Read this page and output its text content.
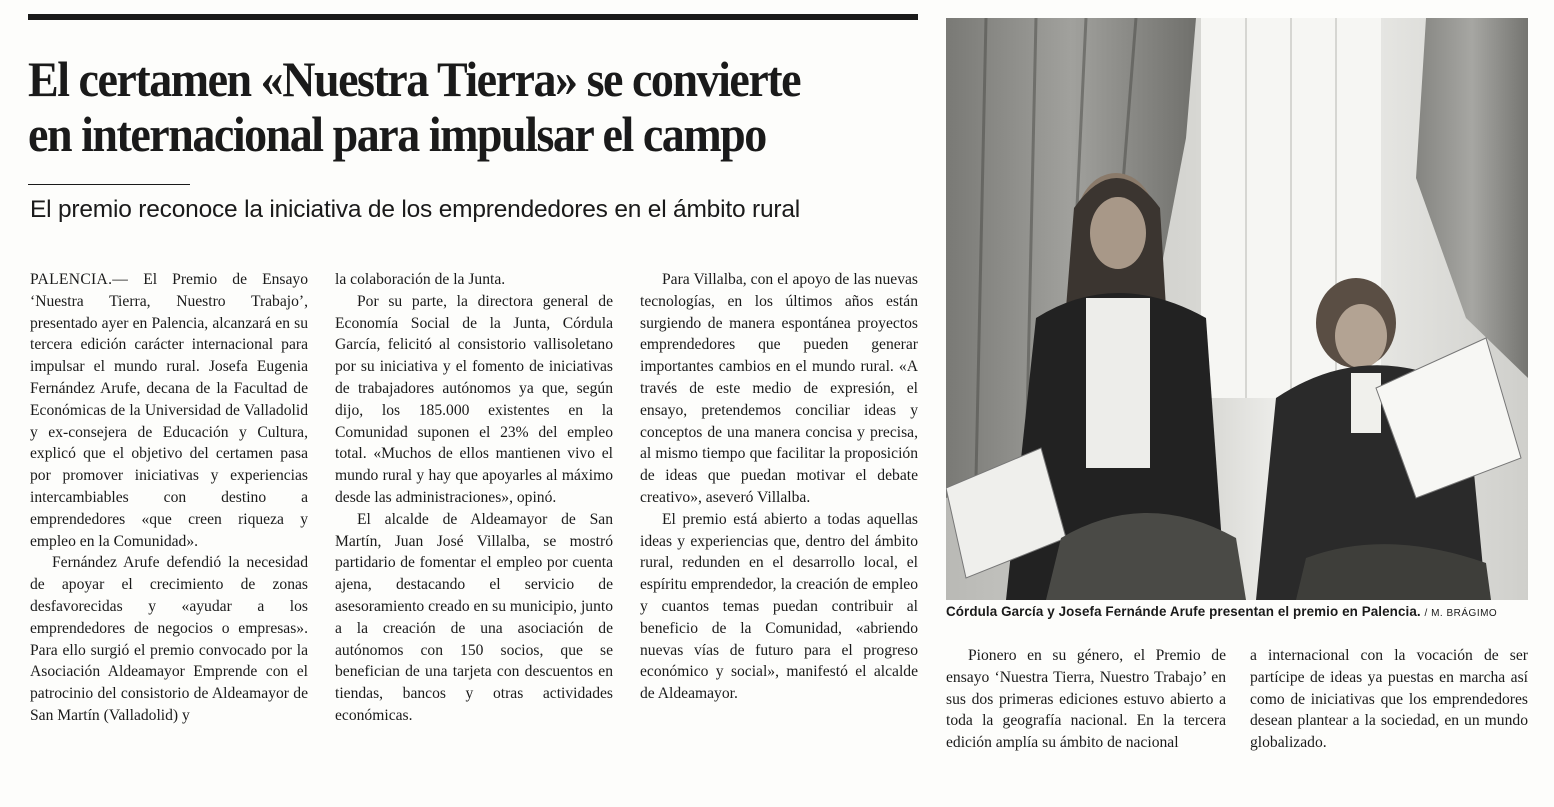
El certamen «Nuestra Tierra» se convierte
en internacional para impulsar el campo

El premio reconoce la iniciativa de los emprendedores en el ámbito rural

PALENCIA.— El Premio de Ensayo ‘Nuestra Tierra, Nuestro Trabajo’, presentado ayer en Palencia, alcanzará en su tercera edición carácter internacional para impulsar el mundo rural. Josefa Eugenia Fernández Arufe, decana de la Facultad de Económicas de la Universidad de Valladolid y ex-consejera de Educación y Cultura, explicó que el objetivo del certamen pasa por promover iniciativas y experiencias intercambiables con destino a emprendedores «que creen riqueza y empleo en la Comunidad».

Fernández Arufe defendió la necesidad de apoyar el crecimiento de zonas desfavorecidas y «ayudar a los emprendedores de negocios o empresas». Para ello surgió el premio convocado por la Asociación Aldeamayor Emprende con el patrocinio del consistorio de Aldeamayor de San Martín (Valladolid) y

la colaboración de la Junta.

Por su parte, la directora general de Economía Social de la Junta, Córdula García, felicitó al consistorio vallisoletano por su iniciativa y el fomento de iniciativas de trabajadores autónomos ya que, según dijo, los 185.000 existentes en la Comunidad suponen el 23% del empleo total. «Muchos de ellos mantienen vivo el mundo rural y hay que apoyarles al máximo desde las administraciones», opinó.

El alcalde de Aldeamayor de San Martín, Juan José Villalba, se mostró partidario de fomentar el empleo por cuenta ajena, destacando el servicio de asesoramiento creado en su municipio, junto a la creación de una asociación de autónomos con 150 socios, que se benefician de una tarjeta con descuentos en tiendas, bancos y otras actividades económicas.

Para Villalba, con el apoyo de las nuevas tecnologías, en los últimos años están surgiendo de manera espontánea proyectos emprendedores que pueden generar importantes cambios en el mundo rural. «A través de este medio de expresión, el ensayo, pretendemos conciliar ideas y conceptos de una manera concisa y precisa, al mismo tiempo que facilitar la proposición de ideas que puedan motivar el debate creativo», aseveró Villalba.

El premio está abierto a todas aquellas ideas y experiencias que, dentro del ámbito rural, redunden en el desarrollo local, el espíritu emprendedor, la creación de empleo y cuantos temas puedan contribuir al beneficio de la Comunidad, «abriendo nuevas vías de futuro para el progreso económico y social», manifestó el alcalde de Aldeamayor.

Córdula García y Josefa Fernánde Arufe presentan el premio en Palencia. / M. BRÁGIMO

Pionero en su género, el Premio de ensayo ‘Nuestra Tierra, Nuestro Trabajo’ en sus dos primeras ediciones estuvo abierto a toda la geografía nacional. En la tercera edición amplía su ámbito de nacional

a internacional con la vocación de ser partícipe de ideas ya puestas en marcha así como de iniciativas que los emprendedores desean plantear a la sociedad, en un mundo globalizado.
